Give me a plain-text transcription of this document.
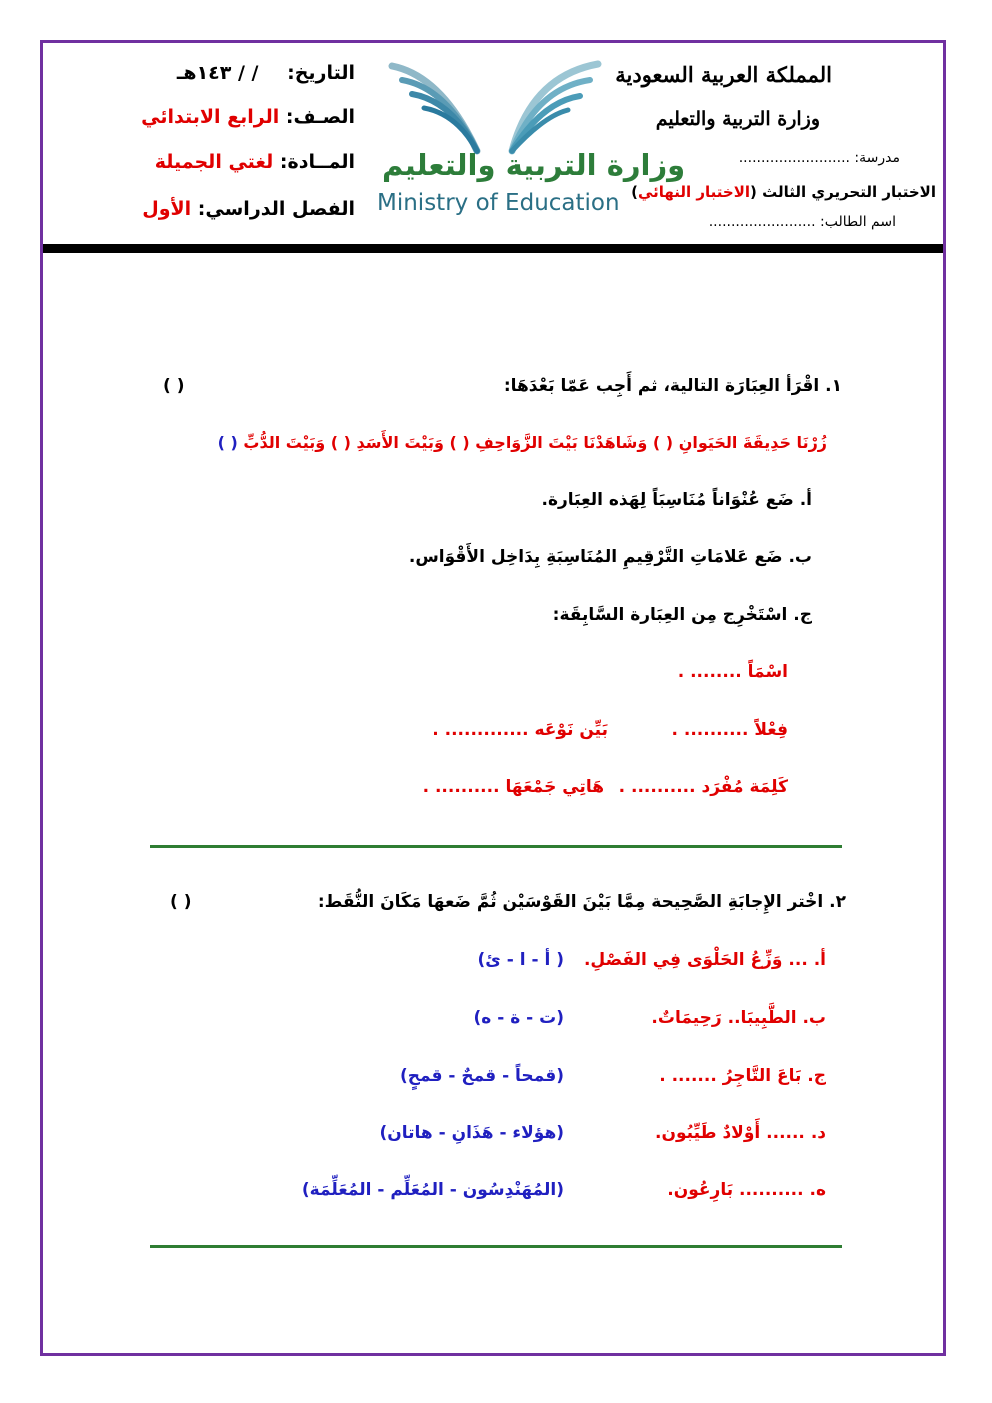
المملكة العربية السعودية
وزارة التربية والتعليم
مدرسة: .........................
الاختبار التحريري الثالث (الاختبار النهائي)
اسم الطالب: ........................
وزارة التربية والتعليم
Ministry of Education
التاريخ: / / ١٤٣هـ
الصـف: الرابع الابتدائي
المــادة: لغتي الجميلة
الفصل الدراسي: الأول
١. اقْرَأ العِبَارَة التالية، ثم أَجِب عَمّا بَعْدَهَا:
( )
زُرْنَا حَدِيقَةَ الحَيَوانِ ( ) وَشَاهَدْنَا بَيْتَ الزَّوَاحِفِ ( ) وَبَيْتَ الأَسَدِ ( ) وَبَيْتَ الدُّبِّ ( )
أ. ضَع عُنْوَاناً مُنَاسِبَاً لِهَذه العِبَارة.
ب. ضَع عَلامَاتِ التَّرْقِيمِ المُنَاسِبَةِ بِدَاخِل الأَقْوَاس.
ج. اسْتَخْرِج مِن العِبَارة السَّابِقَة:
اسْمَاً ........ .
فِعْلاً .......... .
بَيِّن نَوْعَه ............. .
كَلِمَة مُفْرَد .......... .
هَاتِي جَمْعَهَا .......... .
٢. اخْتر الإِجابَةِ الصَّحِيحة مِمَّا بَيْنَ القَوْسَيْن ثُمَّ ضَعهَا مَكَانَ النُّقَط:
( )
أ. ... وَزِّعُ الحَلْوَى فِي الفَصْلِ.
( أ - ا - ئ)
ب. الطَّبِيبَا.. رَحِيمَاتٌ.
(ت - ة - ه)
ج. بَاعَ التَّاجِرُ ....... .
(قمحاً - قمحٌ - قمحٍ)
د. ...... أَوْلادٌ طَيِّبُون.
(هؤلاء - هَذَانِ - هاتان)
ه. .......... بَارِعُون.
(المُهَنْدِسُون - المُعَلِّم - المُعَلِّمَة)
